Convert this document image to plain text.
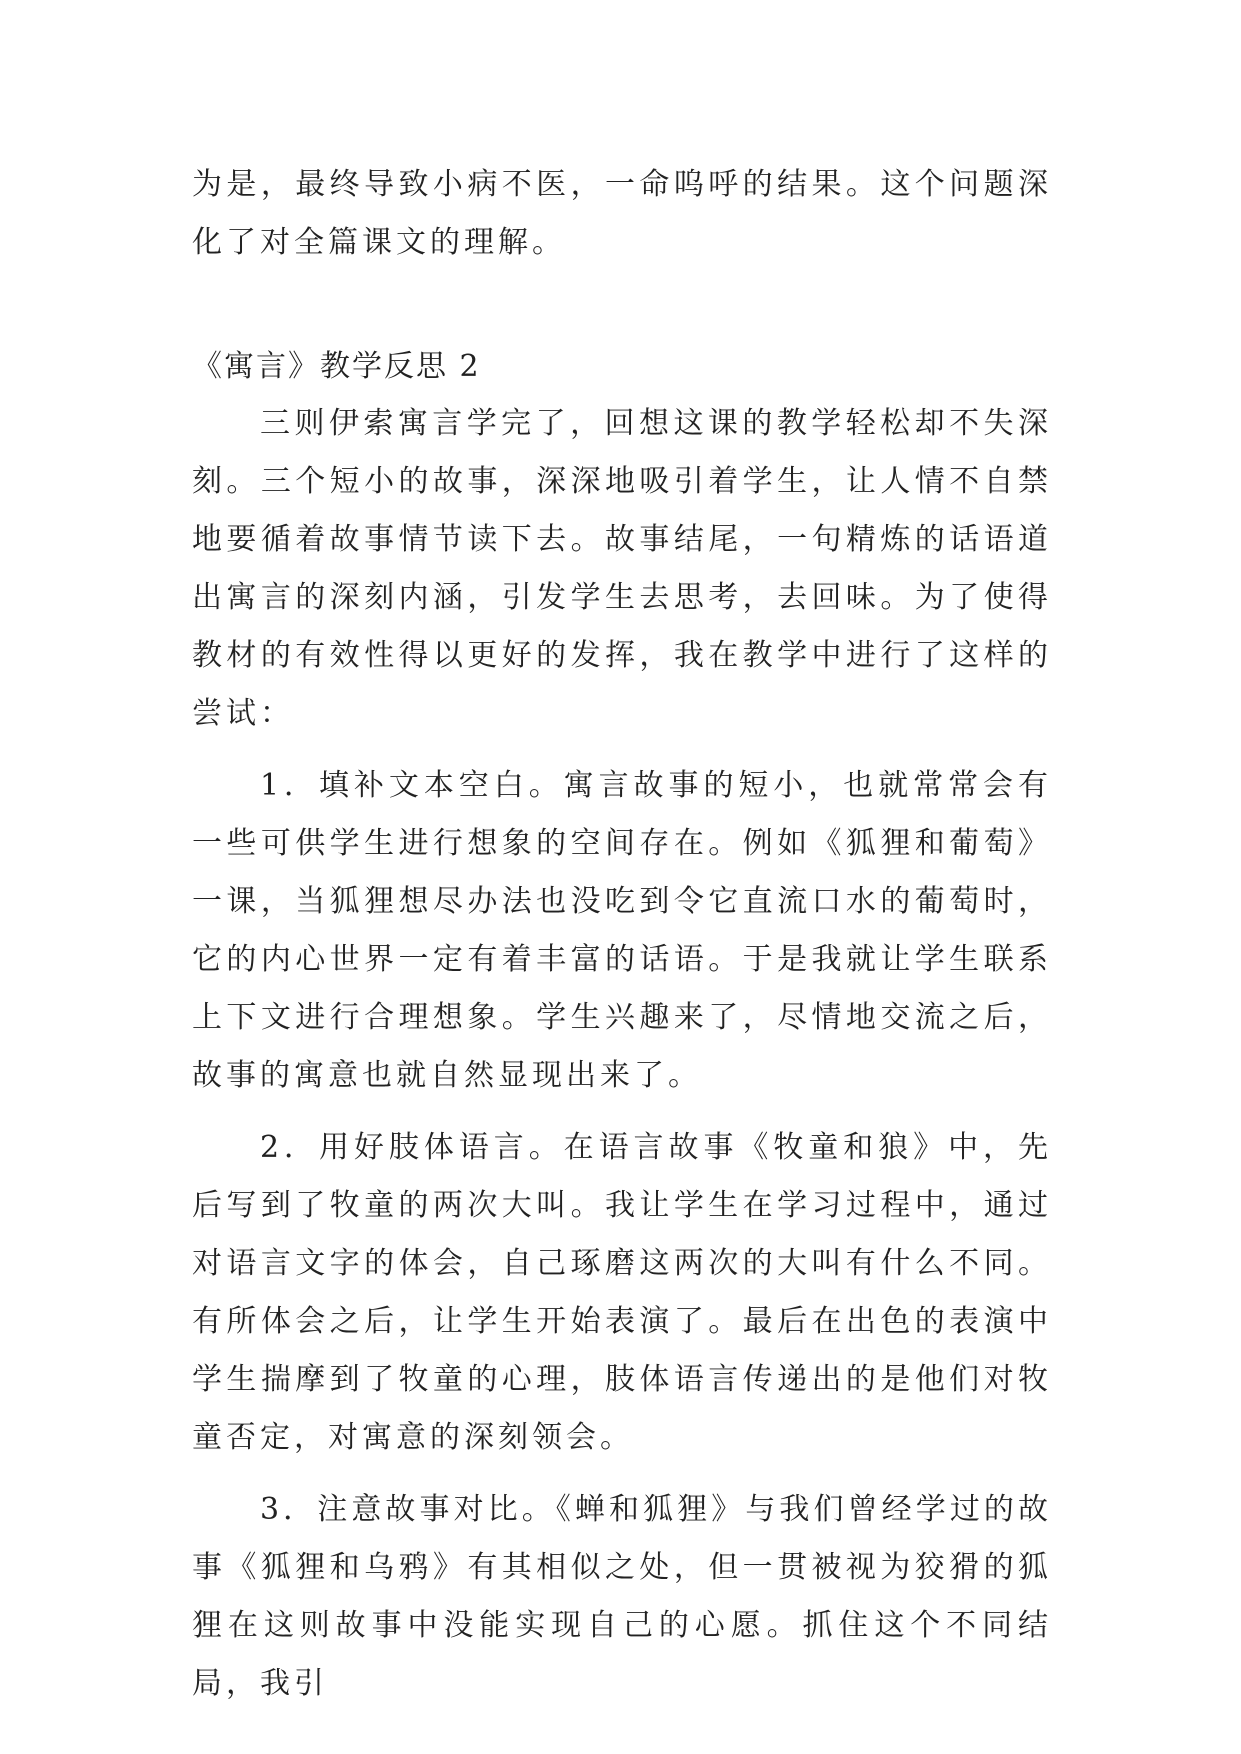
为是，最终导致小病不医，一命呜呼的结果。这个问题深化了对全篇课文的理解。

《寓言》教学反思 2

三则伊索寓言学完了，回想这课的教学轻松却不失深刻。三个短小的故事，深深地吸引着学生，让人情不自禁地要循着故事情节读下去。故事结尾，一句精炼的话语道出寓言的深刻内涵，引发学生去思考，去回味。为了使得教材的有效性得以更好的发挥，我在教学中进行了这样的尝试：

1．填补文本空白。寓言故事的短小，也就常常会有一些可供学生进行想象的空间存在。例如《狐狸和葡萄》一课，当狐狸想尽办法也没吃到令它直流口水的葡萄时，它的内心世界一定有着丰富的话语。于是我就让学生联系上下文进行合理想象。学生兴趣来了，尽情地交流之后，故事的寓意也就自然显现出来了。

2．用好肢体语言。在语言故事《牧童和狼》中，先后写到了牧童的两次大叫。我让学生在学习过程中，通过对语言文字的体会，自己琢磨这两次的大叫有什么不同。有所体会之后，让学生开始表演了。最后在出色的表演中学生揣摩到了牧童的心理，肢体语言传递出的是他们对牧童否定，对寓意的深刻领会。

3．注意故事对比。《蝉和狐狸》与我们曾经学过的故事《狐狸和乌鸦》有其相似之处，但一贯被视为狡猾的狐狸在这则故事中没能实现自己的心愿。抓住这个不同结局，我引
